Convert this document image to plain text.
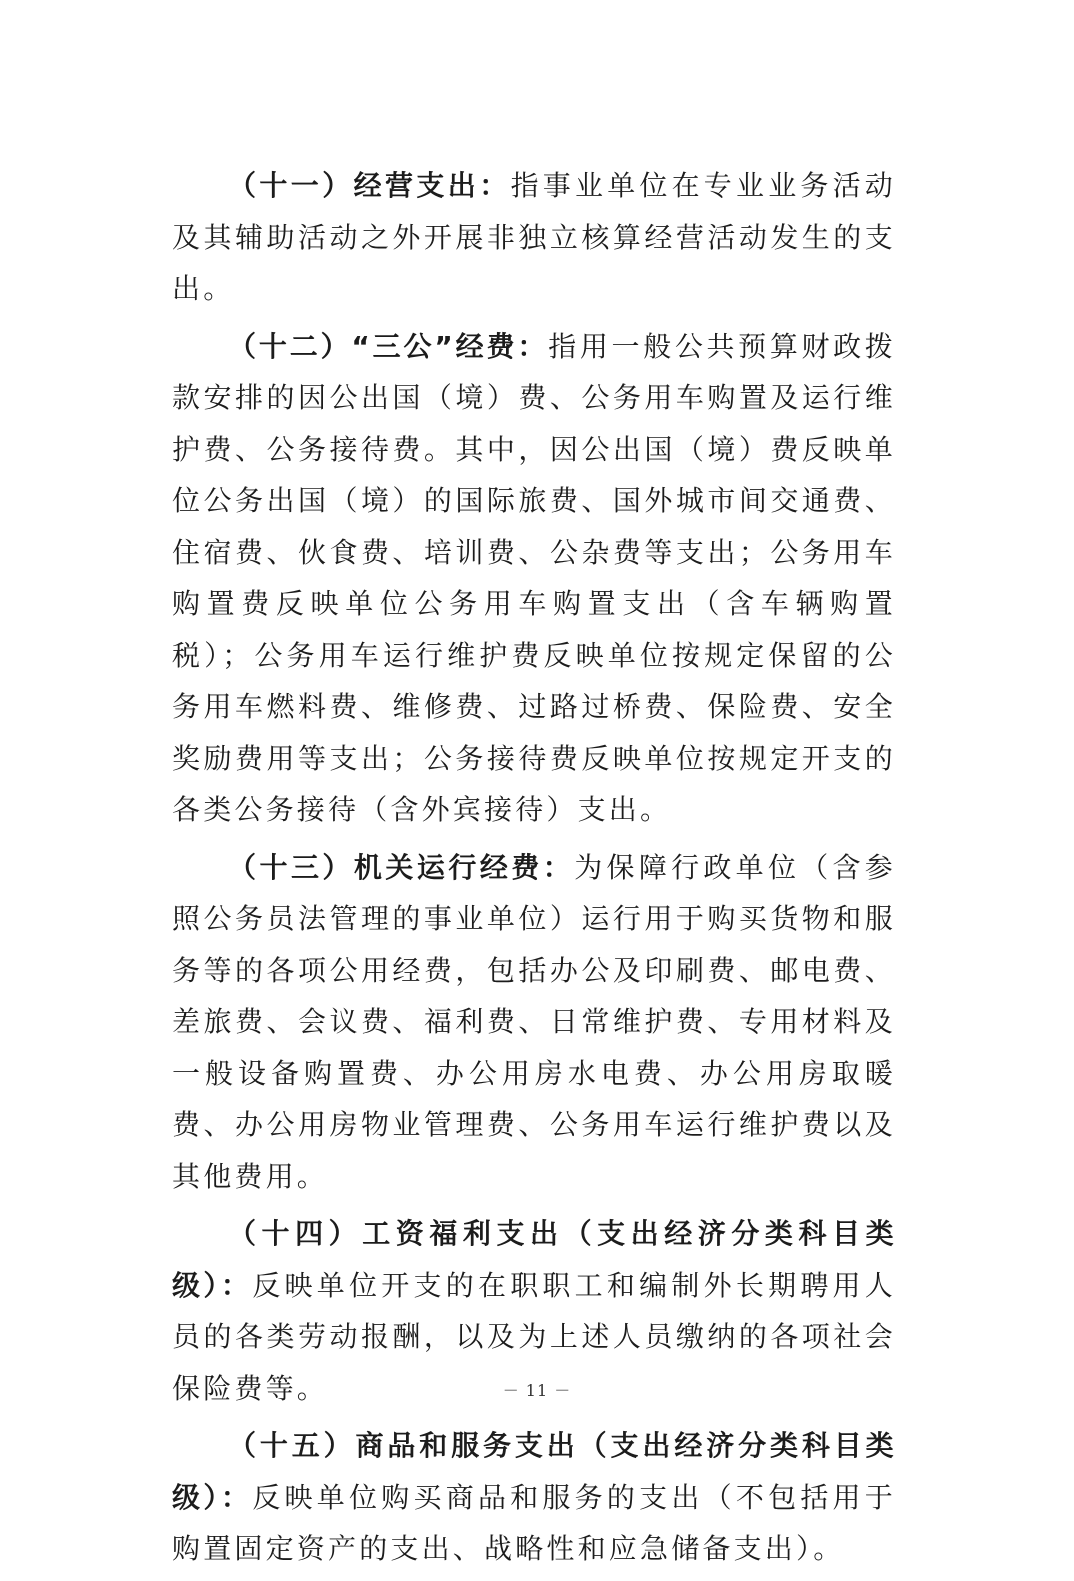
（十一）经营支出：指事业单位在专业业务活动及其辅助活动之外开展非独立核算经营活动发生的支出。

（十二）“三公”经费：指用一般公共预算财政拨款安排的因公出国（境）费、公务用车购置及运行维护费、公务接待费。其中，因公出国（境）费反映单位公务出国（境）的国际旅费、国外城市间交通费、住宿费、伙食费、培训费、公杂费等支出；公务用车购置费反映单位公务用车购置支出（含车辆购置税）；公务用车运行维护费反映单位按规定保留的公务用车燃料费、维修费、过路过桥费、保险费、安全奖励费用等支出；公务接待费反映单位按规定开支的各类公务接待（含外宾接待）支出。

（十三）机关运行经费：为保障行政单位（含参照公务员法管理的事业单位）运行用于购买货物和服务等的各项公用经费，包括办公及印刷费、邮电费、差旅费、会议费、福利费、日常维护费、专用材料及一般设备购置费、办公用房水电费、办公用房取暖费、办公用房物业管理费、公务用车运行维护费以及其他费用。

（十四）工资福利支出（支出经济分类科目类级）：反映单位开支的在职职工和编制外长期聘用人员的各类劳动报酬，以及为上述人员缴纳的各项社会保险费等。

（十五）商品和服务支出（支出经济分类科目类级）：反映单位购买商品和服务的支出（不包括用于购置固定资产的支出、战略性和应急储备支出）。

－ 11 －
